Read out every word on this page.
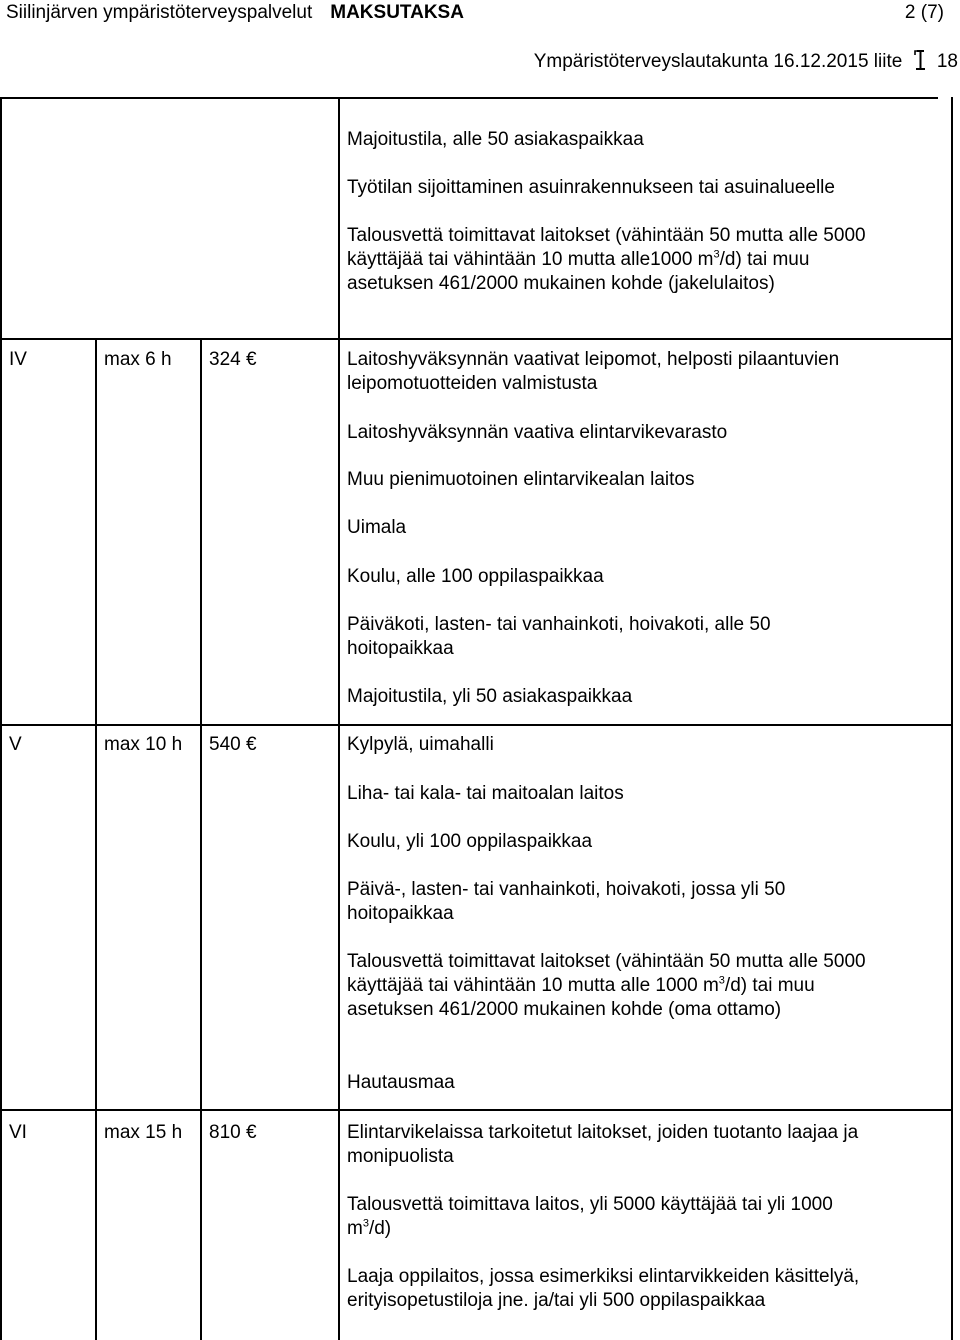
Siilinjärven ympäristöterveyspalvelut MAKSUTAKSA	2 (7)
Ympäristöterveyslautakunta 16.12.2015 liite 18
Majoitustila, alle 50 asiakaspaikkaa
Työtilan sijoittaminen asuinrakennukseen tai asuinalueelle
Talousvettä toimittavat laitokset (vähintään 50 mutta alle 5000
käyttäjää tai vähintään 10 mutta alle1000 $m^3/d$) tai muu
asetuksen 461/2000 mukainen kohde (jakelulaitos)
IV	max 6 h 324 €	Laitoshyväksynnän vaativat leipomot, helposti pilaantuvien
leipomotuotteiden valmistusta
Laitoshyväksynnän vaativa elintarvikevarasto
Muu pienimuotoinen elintarvikealan laitos
Uimala
Koulu, alle 100 oppilaspaikkaa
Päiväkoti, lasten- tai vanhainkoti, hoivakoti, alle 50
hoitopaikkaa
Majoitustila, yli 50 asiakaspaikkaa
V	max 10 h 540 €	Kylpylä, uimahalli
Liha- tai kala- tai maitoalan laitos
Koulu, yli 100 oppilaspaikkaa
Päivä-, lasten- tai vanhainkoti, hoivakoti, jossa yli 50
hoitopaikkaa
Talousvettä toimittavat laitokset (vähintään 50 mutta alle 5000
käyttäjää tai vähintään 10 mutta alle 1000 $m^3/d$) tai muu
asetuksen 461/2000 mukainen kohde (oma ottamo)
Hautausmaa
VI	max 15 h 810 €	Elintarvikelaissa tarkoitetut laitokset, joiden tuotanto laajaa ja
monipuolista
Talousvettä toimittava laitos, yli 5000 käyttäjää tai yli 1000
$m^3/d$)
Laaja oppilaitos, jossa esimerkiksi elintarvikkeiden käsittelyä,
erityisopetustiloja jne. ja/tai yli 500 oppilaspaikkaa
